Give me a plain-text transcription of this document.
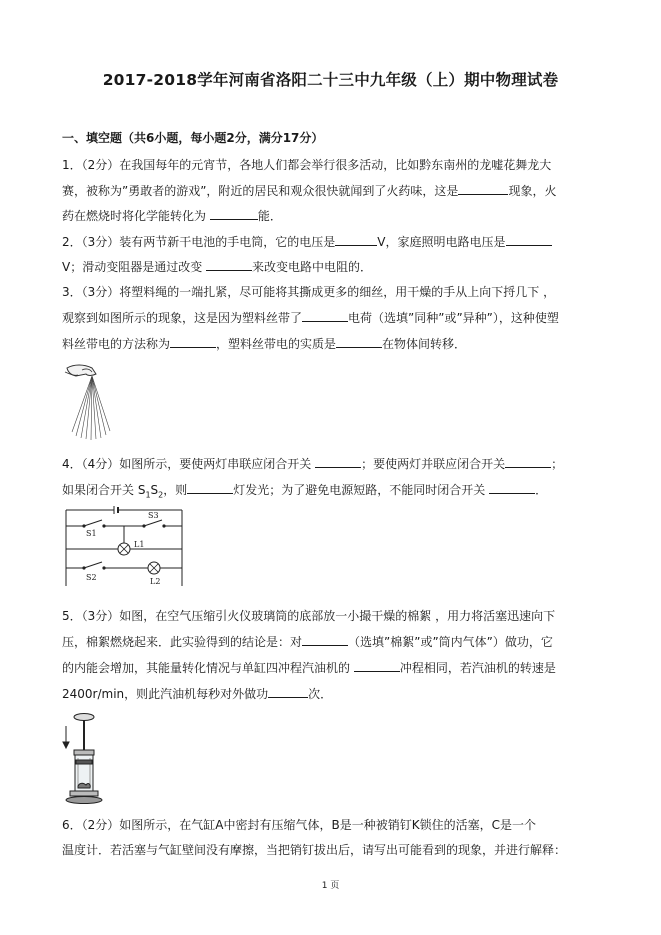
2017-2018学年河南省洛阳二十三中九年级（上）期中物理试卷
一、填空题（共6小题，每小题2分，满分17分）
1．（2分）在我国每年的元宵节，各地人们都会举行很多活动，比如黔东南州的龙嘘花舞龙大
赛，被称为”勇敢者的游戏”，附近的居民和观众很快就闻到了火药味，这是	现象，火
药在燃烧时将化学能转化为	能．
2．（3分）装有两节新干电池的手电筒，它的电压是	V，家庭照明电路电压是
V；滑动变阻器是通过改变	来改变电路中电阻的．
3．（3分）将塑料绳的一端扎紧，尽可能将其撕成更多的细丝，用干燥的手从上向下捋几下 ，
观察到如图所示的现象，这是因为塑料丝带了	电荷（选填”同种”或”异种”），这种使塑
料丝带电的方法称为	，塑料丝带电的实质是	在物体间转移．
4．（4分）如图所示，要使两灯串联应闭合开关	；要使两灯并联应闭合开关	；
如果闭合开关 $S_1S_2$，则	灯发光；为了避免电源短路，不能同时闭合开关	．
S1
S3
L1
S2	L2
5．（3分）如图，在空气压缩引火仪玻璃筒的底部放一小撮干燥的棉絮 ，用力将活塞迅速向下
压，棉絮燃烧起来．此实验得到的结论是：对	（选填”棉絮”或”筒内气体”）做功，它
的内能会增加，其能量转化情况与单缸四冲程汽油机的	冲程相同，若汽油机的转速是
2400r/min，则此汽油机每秒对外做功	次．
6．（2分）如图所示，在气缸A中密封有压缩气体，B是一种被销钉K锁住的活塞，C是一个
温度计．若活塞与气缸壁间没有摩擦，当把销钉拔出后，请写出可能看到的现象，并进行解释：
1 页
